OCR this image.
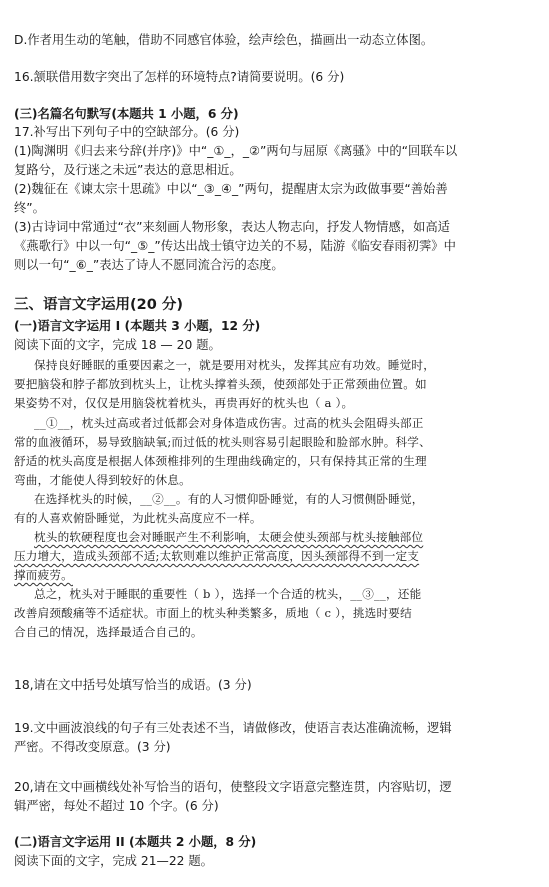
D.作者用生动的笔触，借助不同感官体验，绘声绘色，描画出一动态立体图。
16.颔联借用数字突出了怎样的环境特点?请简要说明。(6 分)
(三)名篇名句默写(本题共 1 小题，6 分)
17.补写出下列句子中的空缺部分。(6 分)
(1)陶渊明《归去来兮辞(并序)》中“_①_，_②”两句与屈原《离骚》中的“回联车以
复路兮，及行迷之未远”表达的意思相近。
(2)魏征在《谏太宗十思疏》中以“_③_④_”两句，提醒唐太宗为政做事要“善始善
终”。
(3)古诗词中常通过“衣”来刻画人物形象，表达人物志向，抒发人物情感，如高适
《燕歌行》中以一句“_⑤_”传达出战士镇守边关的不易，陆游《临安春雨初霁》中
则以一句“_⑥_”表达了诗人不愿同流合污的态度。
三、语言文字运用(20 分)
(一)语言文字运用 I (本题共 3 小题，12 分)
阅读下面的文字，完成 18 — 20 题。
保持良好睡眠的重要因素之一，就是要用对枕头，发挥其应有功效。睡觉时，
要把脑袋和脖子都放到枕头上，让枕头撑着头颈，使颈部处于正常颈曲位置。如
果姿势不对，仅仅是用脑袋枕着枕头，再贵再好的枕头也（ a ）。
__①__，枕头过高或者过低都会对身体造成伤害。过高的枕头会阻碍头部正
常的血液循环，易导致脑缺氧;而过低的枕头则容易引起眼睑和脸部水肿。科学、
舒适的枕头高度是根据人体颈椎排列的生理曲线确定的，只有保持其正常的生理
弯曲，才能使人得到较好的休息。
在选择枕头的时候，__②__。有的人习惯仰卧睡觉，有的人习惯侧卧睡觉，
有的人喜欢俯卧睡觉，为此枕头高度应不一样。
枕头的软硬程度也会对睡眠产生不利影响，太硬会使头颈部与枕头接触部位
压力增大，造成头颈部不适;太软则难以维护正常高度，因头颈部得不到一定支
撑而疲劳。
总之，枕头对于睡眠的重要性（ b ），选择一个合适的枕头，__③__，还能
改善肩颈酸痛等不适症状。市面上的枕头种类繁多，质地（ c ），挑选时要结
合自己的情况，选择最适合自己的。
18,请在文中括号处填写恰当的成语。(3 分)
19.文中画波浪线的句子有三处表述不当，请做修改，使语言表达准确流畅，逻辑
严密。不得改变原意。(3 分)
20,请在文中画横线处补写恰当的语句，使整段文字语意完整连贯，内容贴切，逻
辑严密，每处不超过 10 个字。(6 分)
(二)语言文字运用 II (本题共 2 小题，8 分)
阅读下面的文字，完成 21—22 题。
